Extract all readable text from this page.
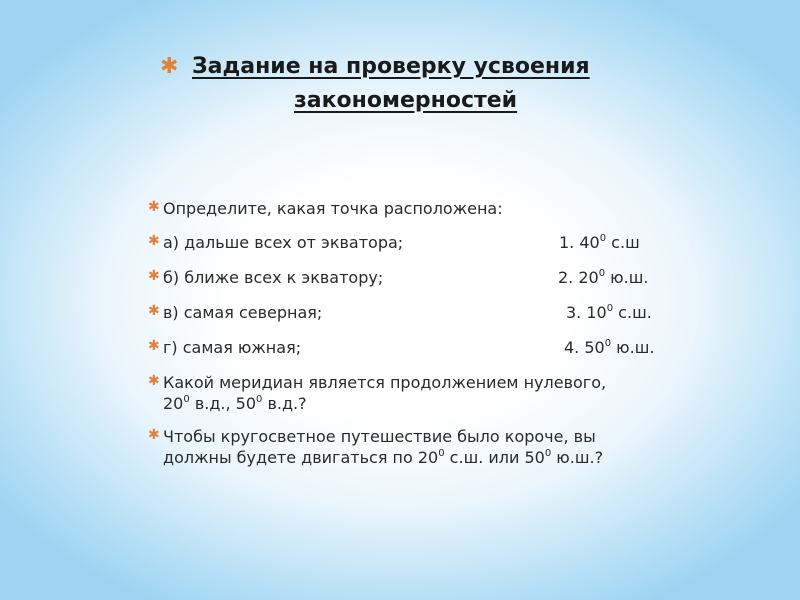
✱ Задание на проверку усвоения
закономерностей
✱ Определите, какая точка расположена:
✱ а) дальше всех от экватора;	1. $40^0$ с.ш
✱ б) ближе всех к экватору;	2. $20^0$ ю.ш.
✱ в) самая северная;	3. $10^0$ с.ш.
✱ г) самая южная;	4. $50^0$ ю.ш.
✱ Какой меридиан является продолжением нулевого,
$20^0$ в.д., $50^0$ в.д.?
✱ Чтобы кругосветное путешествие было короче, вы
должны будете двигаться по $20^0$ с.ш. или $50^0$ ю.ш.?
